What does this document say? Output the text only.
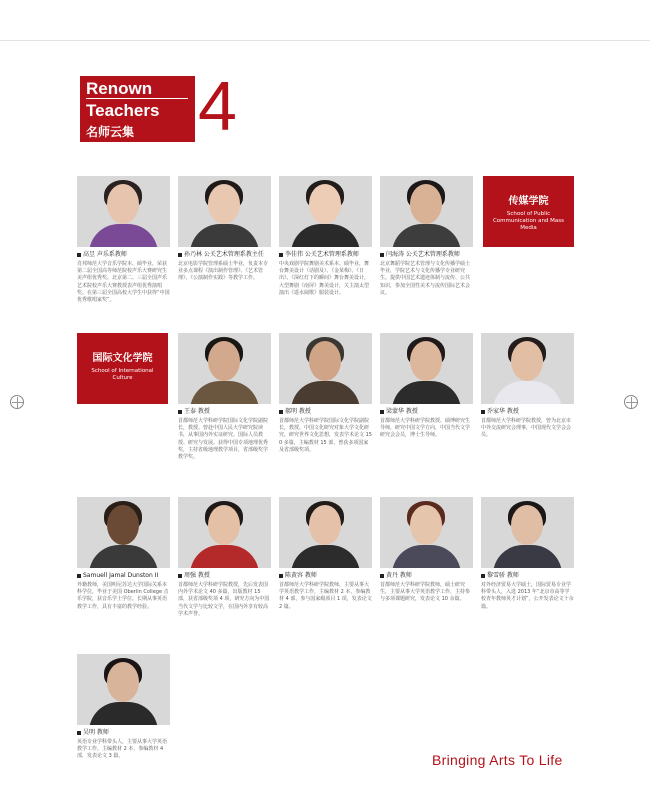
Renown
Teachers
名师云集 4
高昱 声乐系教师
肖邦师范大学音乐学院本、硕毕业，荣获第二届全国高等师范院校声乐大赛研究生美声组优秀奖、北京第二、三届全国声乐艺术院校声乐大赛教授表声组优秀演唱奖。在第三届全国高校大学生中获得“中国优秀歌唱家奖”。
孙乃林 公关艺术管理系教主任
北京电影学院管理系硕士毕业，负责本专业多点课程《演出制作管理》、《艺术管理》、《公演制作实践》等教学工作。
李佳伟 公关艺术管理系教师
中央戏剧学院舞剧美术系本、硕毕业，舞台舞美设计（话剧及）、《金某梅》、《日出》、《深红灯下的瞬间》舞台舞美设计，大型舞剧《南屏》舞美设计，关主演太型演出《遥水阔歌》服装设计。
闫海涛 公关艺术管理系教师
北京舞蹈学院艺术管理与文化传播学硕士毕业，学院艺术与文化传播学专业研究生。提供中国艺术遗迹体制与流传、公共知识，参加全国性美术与流传国际艺术会议。
传媒学院
School of Public Communication and Mass Media
国际文化学院
School of International Culture
王泰 教授
首都师范大学科研学院国际文化学院副院长，教授。曾赴中国人民大学研究院读书，从事国内外实证研究。国际人员教授、研究与发展。获得中国专项地理优秀奖，主持省级地理教学项目，省部级奖学教学奖。
郝明 教授
首都师范大学科研学院国际文化学院副院长，教授。中国文化研究对象大学文化研究，研究世界文化思想，发表学术论文 150 多篇，主编教材 15 部，曾获多项国家及省部级奖项。
梁蒙华 教授
首都师范大学科研学院教授、硕博研究生导师，研究中国文学方向，中国当代文学研究会会员，博士生导师。
乔家华 教授
首都师范大学科研学院教授，曾为北京市中外交流研究会理事，中国现代文学会会员。
Samuell Jamal Dunston II
外籍教师，美国明尼苏达大学国际关系本科学位，毕业于美国 Oberlin College 音乐学院，获音乐学士学位。长期从事英语教学工作，具有丰富的教学经验。
周强 教授
首都师范大学科研学院教授，先后发表国内外学术论文 40 多篇，出版教材 15 部，获省部级奖项 4 项，研究方向为中国当代文学与比较文学，在国内外享有较高学术声誉。
陈黄容 教师
首都师范大学科研学院教师，主要从事大学英语教学工作，主编教材 2 本，参编教材 4 部，参与国家级项目 1 项，发表论文 2 篇。
黄丹 教师
首都师范大学科研学院教师，硕士研究生，主要从事大学英语教学工作，主持参与多项课题研究，发表论文 10 余篇。
黎雪骄 教师
对外经济贸易大学硕士，国际贸易专业学科带头人，入选 2013 年“北京市高等学校青年教师英才计划”，公开发表论文十余篇。
吴明 教师
英语专业学科带头人，主要从事大学英语教学工作，主编教材 2 本，参编教材 4 部，发表论文 3 篇。	Bringing Arts To Life
